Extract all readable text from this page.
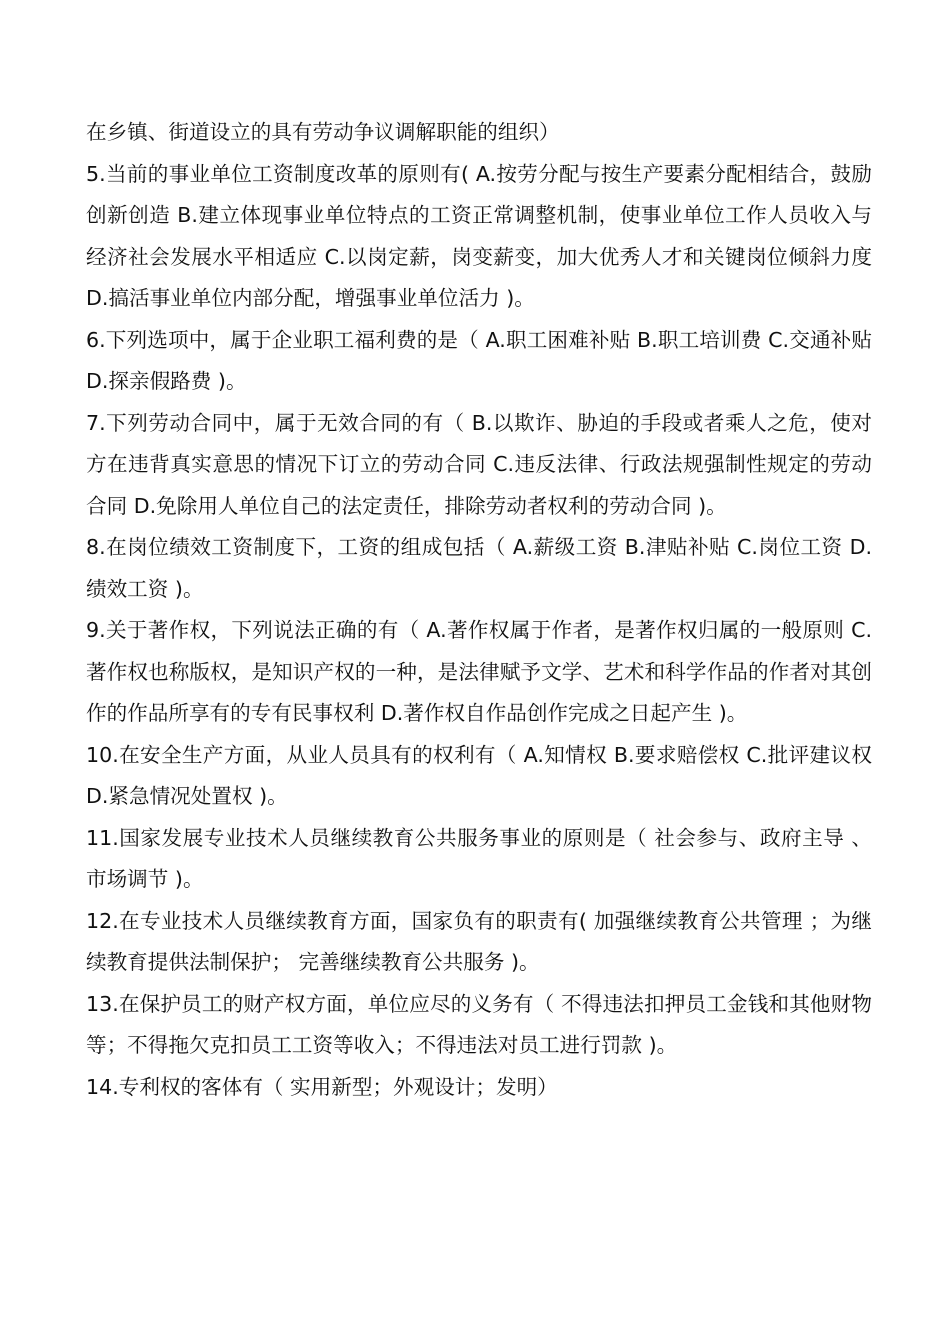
在乡镇、街道设立的具有劳动争议调解职能的组织）

5.当前的事业单位工资制度改革的原则有( A.按劳分配与按生产要素分配相结合，鼓励创新创造 B.建立体现事业单位特点的工资正常调整机制，使事业单位工作人员收入与经济社会发展水平相适应 C.以岗定薪，岗变薪变，加大优秀人才和关键岗位倾斜力度 D.搞活事业单位内部分配，增强事业单位活力 )。

6.下列选项中，属于企业职工福利费的是（ A.职工困难补贴 B.职工培训费 C.交通补贴 D.探亲假路费 )。

7.下列劳动合同中，属于无效合同的有（ B.以欺诈、胁迫的手段或者乘人之危，使对方在违背真实意思的情况下订立的劳动合同 C.违反法律、行政法规强制性规定的劳动合同 D.免除用人单位自己的法定责任，排除劳动者权利的劳动合同 )。

8.在岗位绩效工资制度下，工资的组成包括（ A.薪级工资 B.津贴补贴 C.岗位工资 D.绩效工资 )。

9.关于著作权，下列说法正确的有（ A.著作权属于作者，是著作权归属的一般原则 C.著作权也称版权，是知识产权的一种，是法律赋予文学、艺术和科学作品的作者对其创作的作品所享有的专有民事权利 D.著作权自作品创作完成之日起产生 )。

10.在安全生产方面，从业人员具有的权利有（ A.知情权 B.要求赔偿权 C.批评建议权 D.紧急情况处置权 )。

11.国家发展专业技术人员继续教育公共服务事业的原则是（ 社会参与、政府主导 、市场调节 )。

12.在专业技术人员继续教育方面，国家负有的职责有( 加强继续教育公共管理 ；为继续教育提供法制保护； 完善继续教育公共服务 )。

13.在保护员工的财产权方面，单位应尽的义务有（ 不得违法扣押员工金钱和其他财物等；不得拖欠克扣员工工资等收入；不得违法对员工进行罚款 )。

14.专利权的客体有（ 实用新型；外观设计；发明）
